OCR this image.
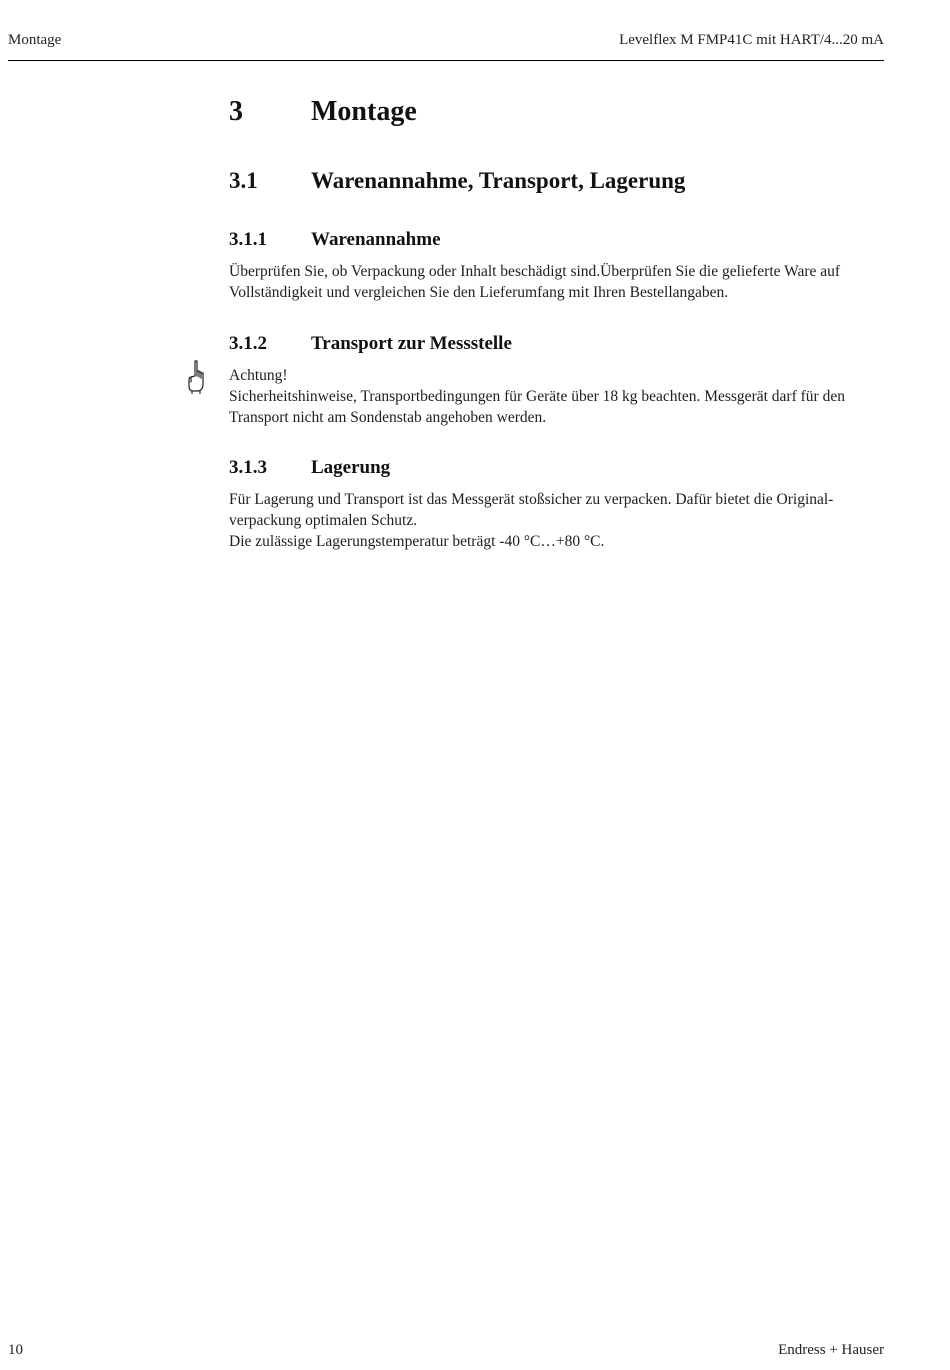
Montage	Levelflex M FMP41C mit HART/4...20 mA
3 Montage
3.1 Warenannahme, Transport, Lagerung
3.1.1 Warenannahme

Überprüfen Sie, ob Verpackung oder Inhalt beschädigt sind.Überprüfen Sie die gelieferte Ware auf

Vollständigkeit und vergleichen Sie den Lieferumfang mit Ihren Bestellangaben.

3.1.2 Transport zur Messstelle

Achtung!

Sicherheitshinweise, Transportbedingungen für Geräte über 18 kg beachten. Messgerät darf für den

Transport nicht am Sondenstab angehoben werden.

3.1.3 Lagerung

Für Lagerung und Transport ist das Messgerät stoßsicher zu verpacken. Dafür bietet die Original-

verpackung optimalen Schutz.

Die zulässige Lagerungstemperatur beträgt -40 °C…+80 °C.

10	Endress + Hauser
